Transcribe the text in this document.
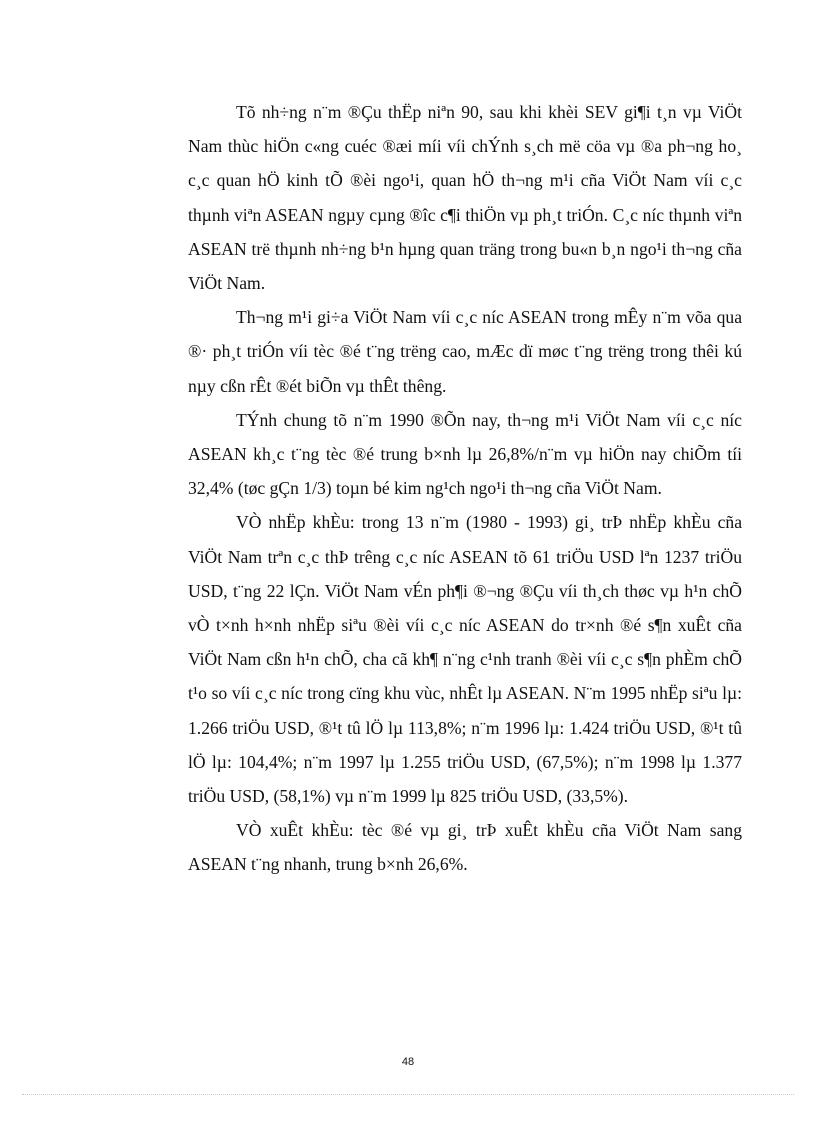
Tõ nh÷ng n¨m ®Çu thËp niªn 90, sau khi khèi SEV gi¶i t¸n vµ ViÖt Nam thùc hiÖn c«ng cuéc ®æi míi víi chÝnh s¸ch më cöa vµ ®a ph¬ng ho¸ c¸c quan hÖ kinh tÕ ®èi ngo¹i, quan hÖ th¬ng m¹i cña ViÖt Nam víi c¸c thµnh viªn ASEAN ngµy cµng ®îc c¶i thiÖn vµ ph¸t triÓn. C¸c níc thµnh viªn ASEAN trë thµnh nh÷ng b¹n hµng quan träng trong bu«n b¸n ngo¹i th¬ng cña ViÖt Nam.

Th¬ng m¹i gi÷a ViÖt Nam víi c¸c níc ASEAN trong mÊy n¨m võa qua ®· ph¸t triÓn víi tèc ®é t¨ng trëng cao, mÆc dï møc t¨ng trëng trong thêi kú nµy cßn rÊt ®ét biÕn vµ thÊt thêng.

TÝnh chung tõ n¨m 1990 ®Õn nay, th¬ng m¹i ViÖt Nam víi c¸c níc ASEAN kh¸c t¨ng tèc ®é trung b×nh lµ 26,8%/n¨m vµ hiÖn nay chiÕm tíi 32,4% (tøc gÇn 1/3) toµn bé kim ng¹ch ngo¹i th¬ng cña ViÖt Nam.

VÒ nhËp khÈu: trong 13 n¨m (1980 - 1993) gi¸ trÞ nhËp khÈu cña ViÖt Nam trªn c¸c thÞ trêng c¸c níc ASEAN tõ 61 triÖu USD lªn 1237 triÖu USD, t¨ng 22 lÇn. ViÖt Nam vÉn ph¶i ®¬ng ®Çu víi th¸ch thøc vµ h¹n chÕ vÒ t×nh h×nh nhËp siªu ®èi víi c¸c níc ASEAN do tr×nh ®é s¶n xuÊt cña ViÖt Nam cßn h¹n chÕ, cha cã kh¶ n¨ng c¹nh tranh ®èi víi c¸c s¶n phÈm chÕ t¹o so víi c¸c níc trong cïng khu vùc, nhÊt lµ ASEAN. N¨m 1995 nhËp siªu lµ: 1.266 triÖu USD, ®¹t tû lÖ lµ 113,8%; n¨m 1996 lµ: 1.424 triÖu USD, ®¹t tû lÖ lµ: 104,4%; n¨m 1997 lµ 1.255 triÖu USD, (67,5%); n¨m 1998 lµ 1.377 triÖu USD, (58,1%) vµ n¨m 1999 lµ 825 triÖu USD, (33,5%).

VÒ xuÊt khÈu: tèc ®é vµ gi¸ trÞ xuÊt khÈu cña ViÖt Nam sang ASEAN t¨ng nhanh, trung b×nh 26,6%.

48
